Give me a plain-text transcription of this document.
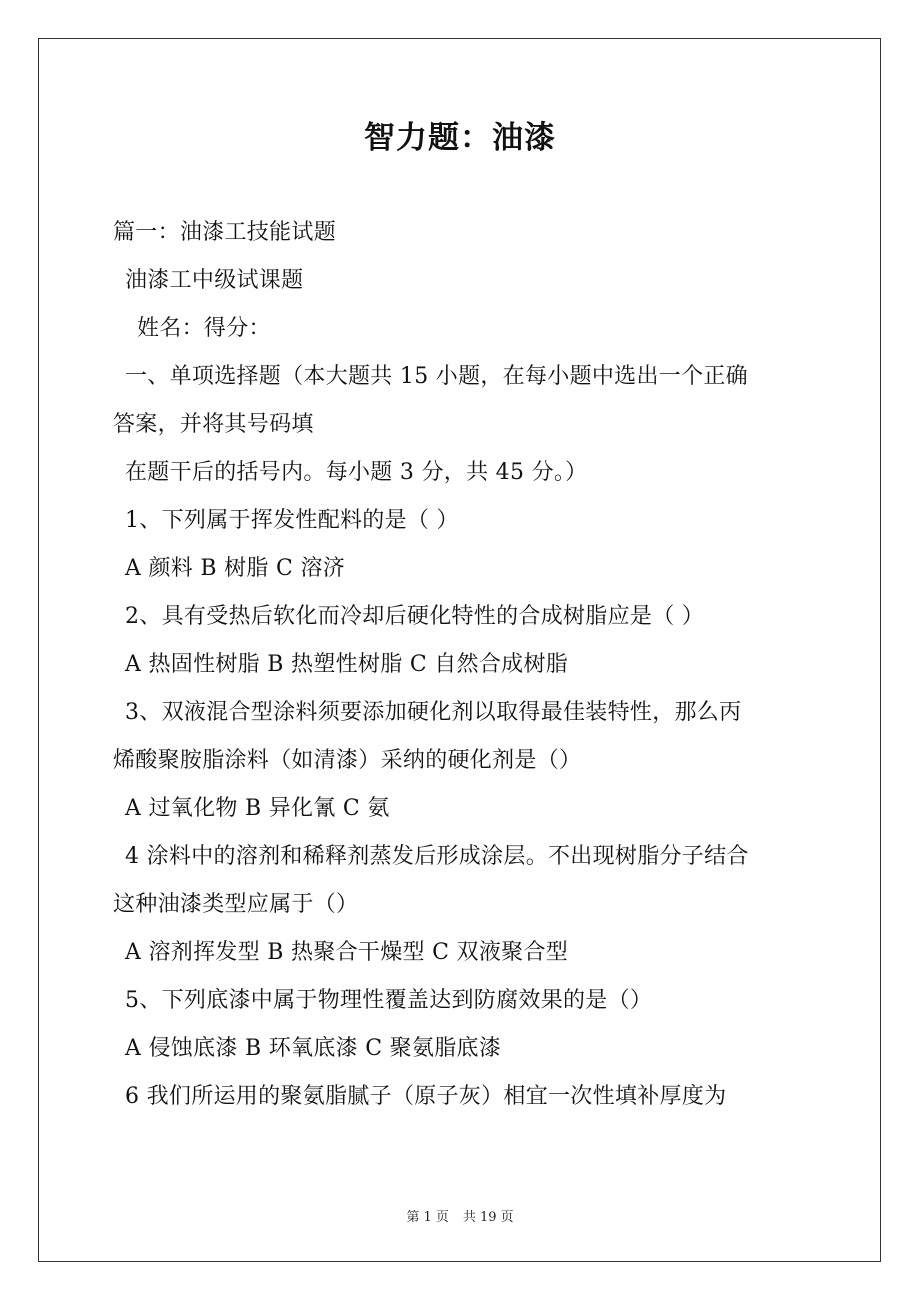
智力题：油漆
篇一：油漆工技能试题
油漆工中级试课题
姓名：得分：
一、单项选择题（本大题共 15 小题，在每小题中选出一个正确
答案，并将其号码填
在题干后的括号内。每小题 3 分，共 45 分。）
1、下列属于挥发性配料的是（ ）
A 颜料 B 树脂 C 溶济
2、具有受热后软化而冷却后硬化特性的合成树脂应是（ ）
A 热固性树脂 B 热塑性树脂 C 自然合成树脂
3、双液混合型涂料须要添加硬化剂以取得最佳装特性，那么丙
烯酸聚胺脂涂料（如清漆）采纳的硬化剂是（）
A 过氧化物 B 异化氰 C 氨
4 涂料中的溶剂和稀释剂蒸发后形成涂层。不出现树脂分子结合
这种油漆类型应属于（）
A 溶剂挥发型 B 热聚合干燥型 C 双液聚合型
5、下列底漆中属于物理性覆盖达到防腐效果的是（）
A 侵蚀底漆 B 环氧底漆 C 聚氨脂底漆
6 我们所运用的聚氨脂腻子（原子灰）相宜一次性填补厚度为
第 1 页 共 19 页
